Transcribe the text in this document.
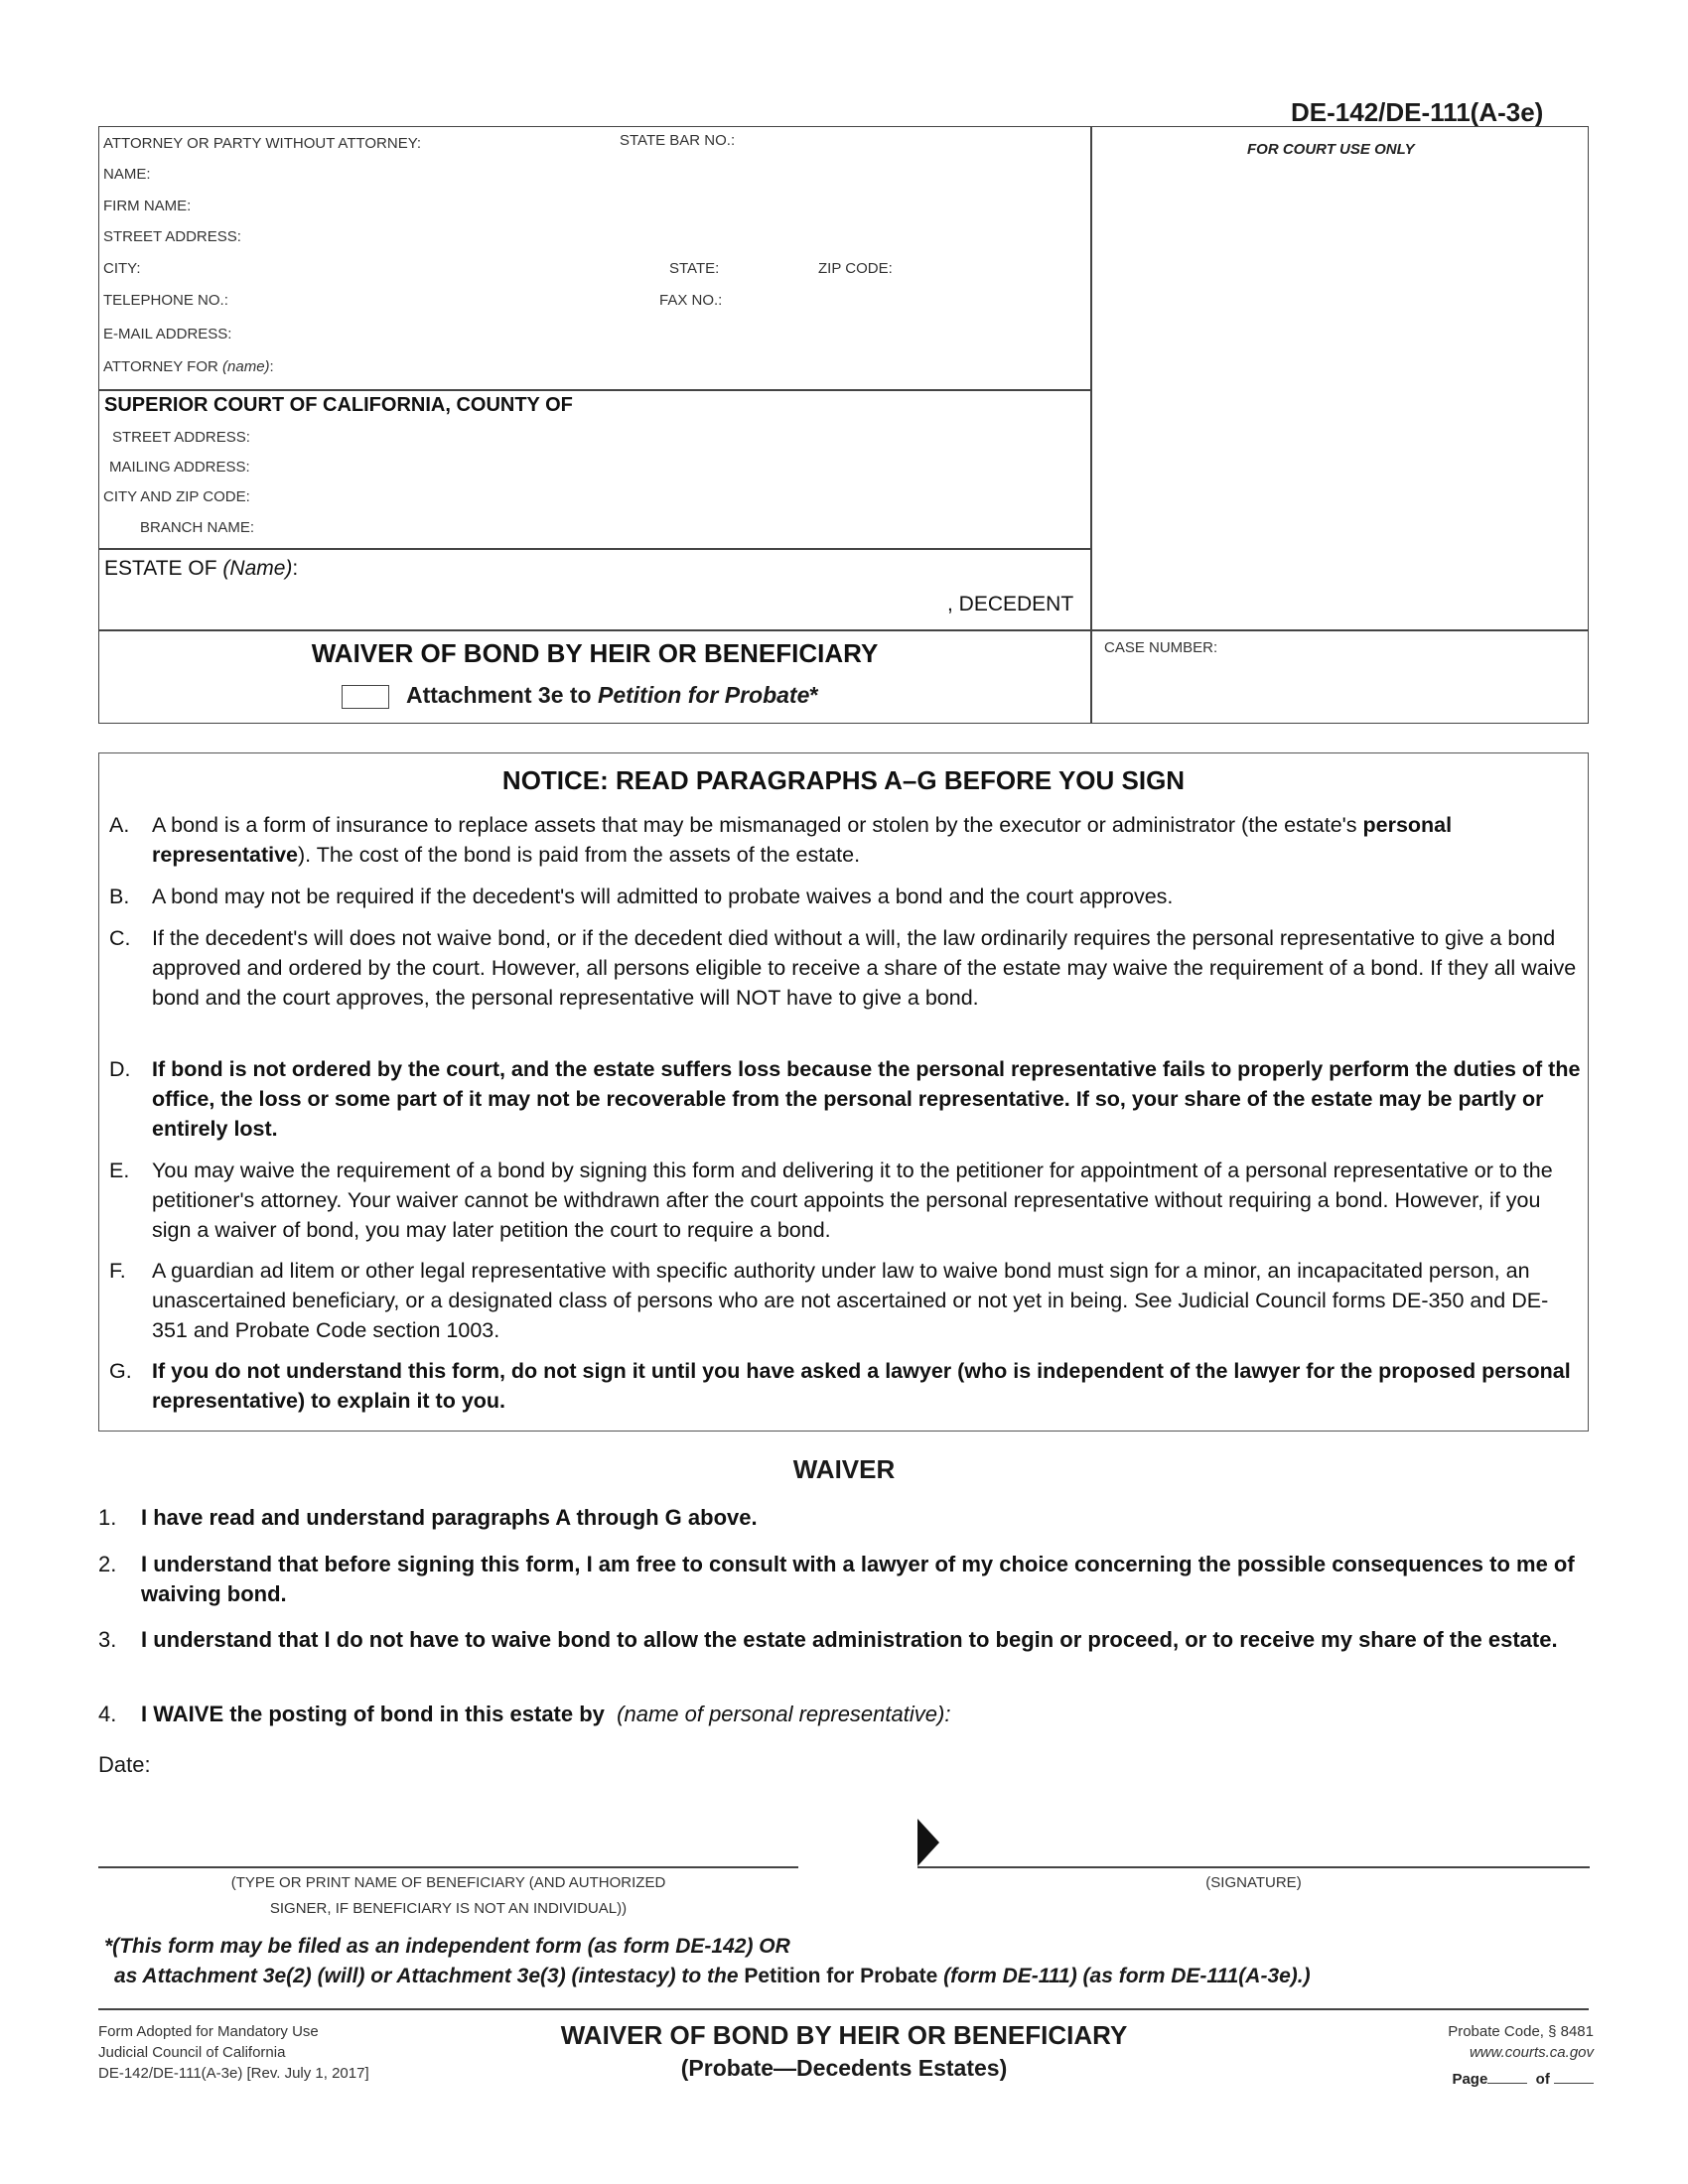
DE-142/DE-111(A-3e)
ATTORNEY OR PARTY WITHOUT ATTORNEY:	STATE BAR NO.:
NAME:
FIRM NAME:
STREET ADDRESS:
CITY:	STATE:	ZIP CODE:
TELEPHONE NO.:	FAX NO.:
E-MAIL ADDRESS:
ATTORNEY FOR (name):
FOR COURT USE ONLY
SUPERIOR COURT OF CALIFORNIA, COUNTY OF
STREET ADDRESS:
MAILING ADDRESS:
CITY AND ZIP CODE:
BRANCH NAME:
ESTATE OF (Name):
, DECEDENT
WAIVER OF BOND BY HEIR OR BENEFICIARY
Attachment 3e to Petition for Probate*
CASE NUMBER:
NOTICE: READ PARAGRAPHS A–G BEFORE YOU SIGN
A.	A bond is a form of insurance to replace assets that may be mismanaged or stolen by the executor or administrator (the estate's personal representative). The cost of the bond is paid from the assets of the estate.
B.	A bond may not be required if the decedent's will admitted to probate waives a bond and the court approves.
C.	If the decedent's will does not waive bond, or if the decedent died without a will, the law ordinarily requires the personal representative to give a bond approved and ordered by the court. However, all persons eligible to receive a share of the estate may waive the requirement of a bond. If they all waive bond and the court approves, the personal representative will NOT have to give a bond.
D.	If bond is not ordered by the court, and the estate suffers loss because the personal representative fails to properly perform the duties of the office, the loss or some part of it may not be recoverable from the personal representative. If so, your share of the estate may be partly or entirely lost.
E.	You may waive the requirement of a bond by signing this form and delivering it to the petitioner for appointment of a personal representative or to the petitioner's attorney. Your waiver cannot be withdrawn after the court appoints the personal representative without requiring a bond. However, if you sign a waiver of bond, you may later petition the court to require a bond.
F.	A guardian ad litem or other legal representative with specific authority under law to waive bond must sign for a minor, an incapacitated person, an unascertained beneficiary, or a designated class of persons who are not ascertained or not yet in being. See Judicial Council forms DE-350 and DE-351 and Probate Code section 1003.
G. If you do not understand this form, do not sign it until you have asked a lawyer (who is independent of the lawyer for the proposed personal representative) to explain it to you.
WAIVER
1. I have read and understand paragraphs A through G above.
2. I understand that before signing this form, I am free to consult with a lawyer of my choice concerning the possible consequences to me of waiving bond.
3. I understand that I do not have to waive bond to allow the estate administration to begin or proceed, or to receive my share of the estate.
4. I WAIVE the posting of bond in this estate by (name of personal representative):
Date:
(TYPE OR PRINT NAME OF BENEFICIARY (AND AUTHORIZED
SIGNER, IF BENEFICIARY IS NOT AN INDIVIDUAL))
(SIGNATURE)
*(This form may be filed as an independent form (as form DE-142) OR
as Attachment 3e(2) (will) or Attachment 3e(3) (intestacy) to the Petition for Probate (form DE-111) (as form DE-111(A-3e).)
Form Adopted for Mandatory Use
Judicial Council of California
DE-142/DE-111(A-3e) [Rev. July 1, 2017]
WAIVER OF BOND BY HEIR OR BENEFICIARY
(Probate—Decedents Estates)
Probate Code, § 8481
www.courts.ca.gov
Page	of
